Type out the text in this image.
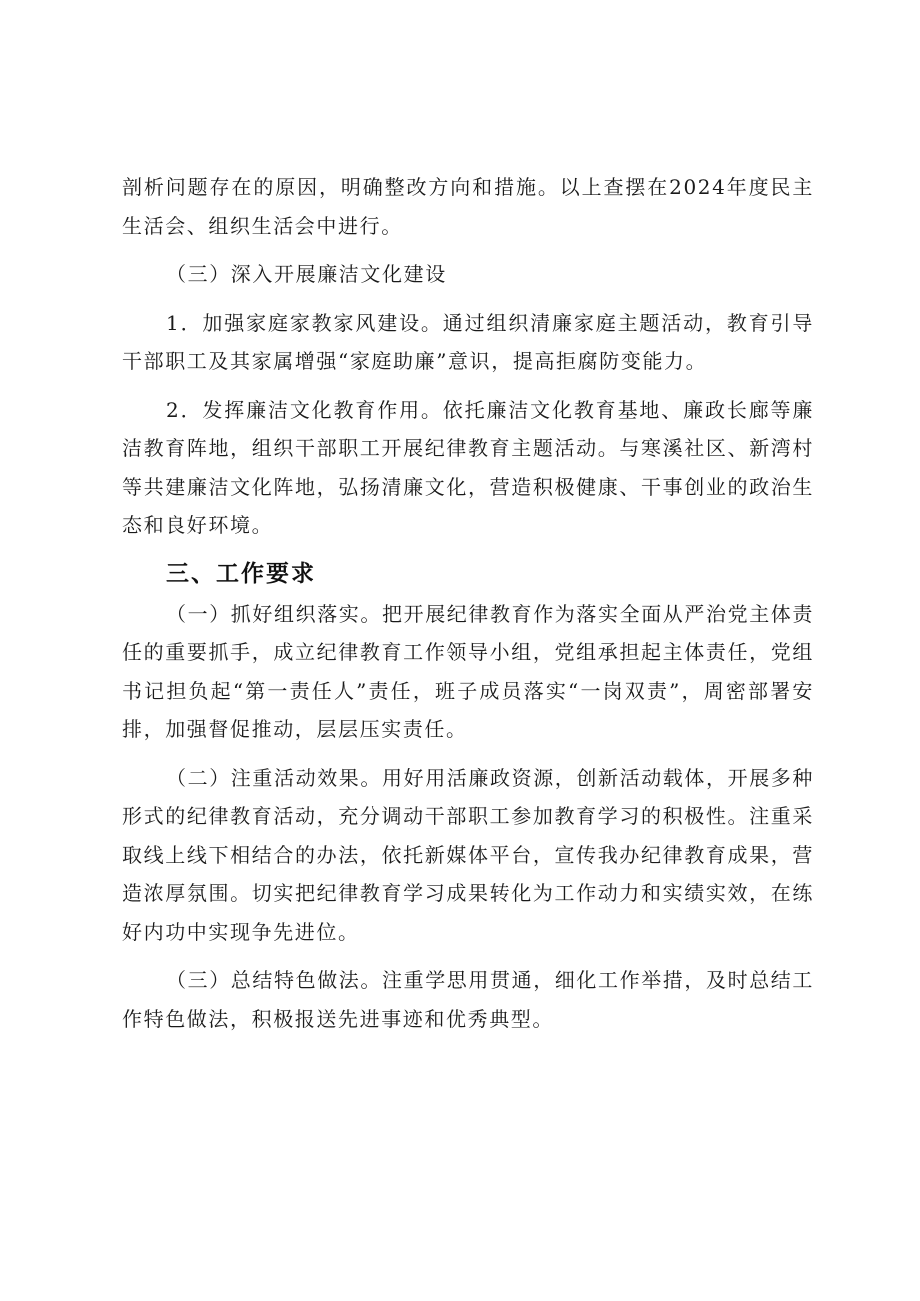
剖析问题存在的原因，明确整改方向和措施。以上查摆在2024年度民主生活会、组织生活会中进行。

（三）深入开展廉洁文化建设

1．加强家庭家教家风建设。通过组织清廉家庭主题活动，教育引导干部职工及其家属增强“家庭助廉”意识，提高拒腐防变能力。

2．发挥廉洁文化教育作用。依托廉洁文化教育基地、廉政长廊等廉洁教育阵地，组织干部职工开展纪律教育主题活动。与寒溪社区、新湾村等共建廉洁文化阵地，弘扬清廉文化，营造积极健康、干事创业的政治生态和良好环境。

三、工作要求

（一）抓好组织落实。把开展纪律教育作为落实全面从严治党主体责任的重要抓手，成立纪律教育工作领导小组，党组承担起主体责任，党组书记担负起“第一责任人”责任，班子成员落实“一岗双责”，周密部署安排，加强督促推动，层层压实责任。

（二）注重活动效果。用好用活廉政资源，创新活动载体，开展多种形式的纪律教育活动，充分调动干部职工参加教育学习的积极性。注重采取线上线下相结合的办法，依托新媒体平台，宣传我办纪律教育成果，营造浓厚氛围。切实把纪律教育学习成果转化为工作动力和实绩实效，在练好内功中实现争先进位。

（三）总结特色做法。注重学思用贯通，细化工作举措，及时总结工作特色做法，积极报送先进事迹和优秀典型。
